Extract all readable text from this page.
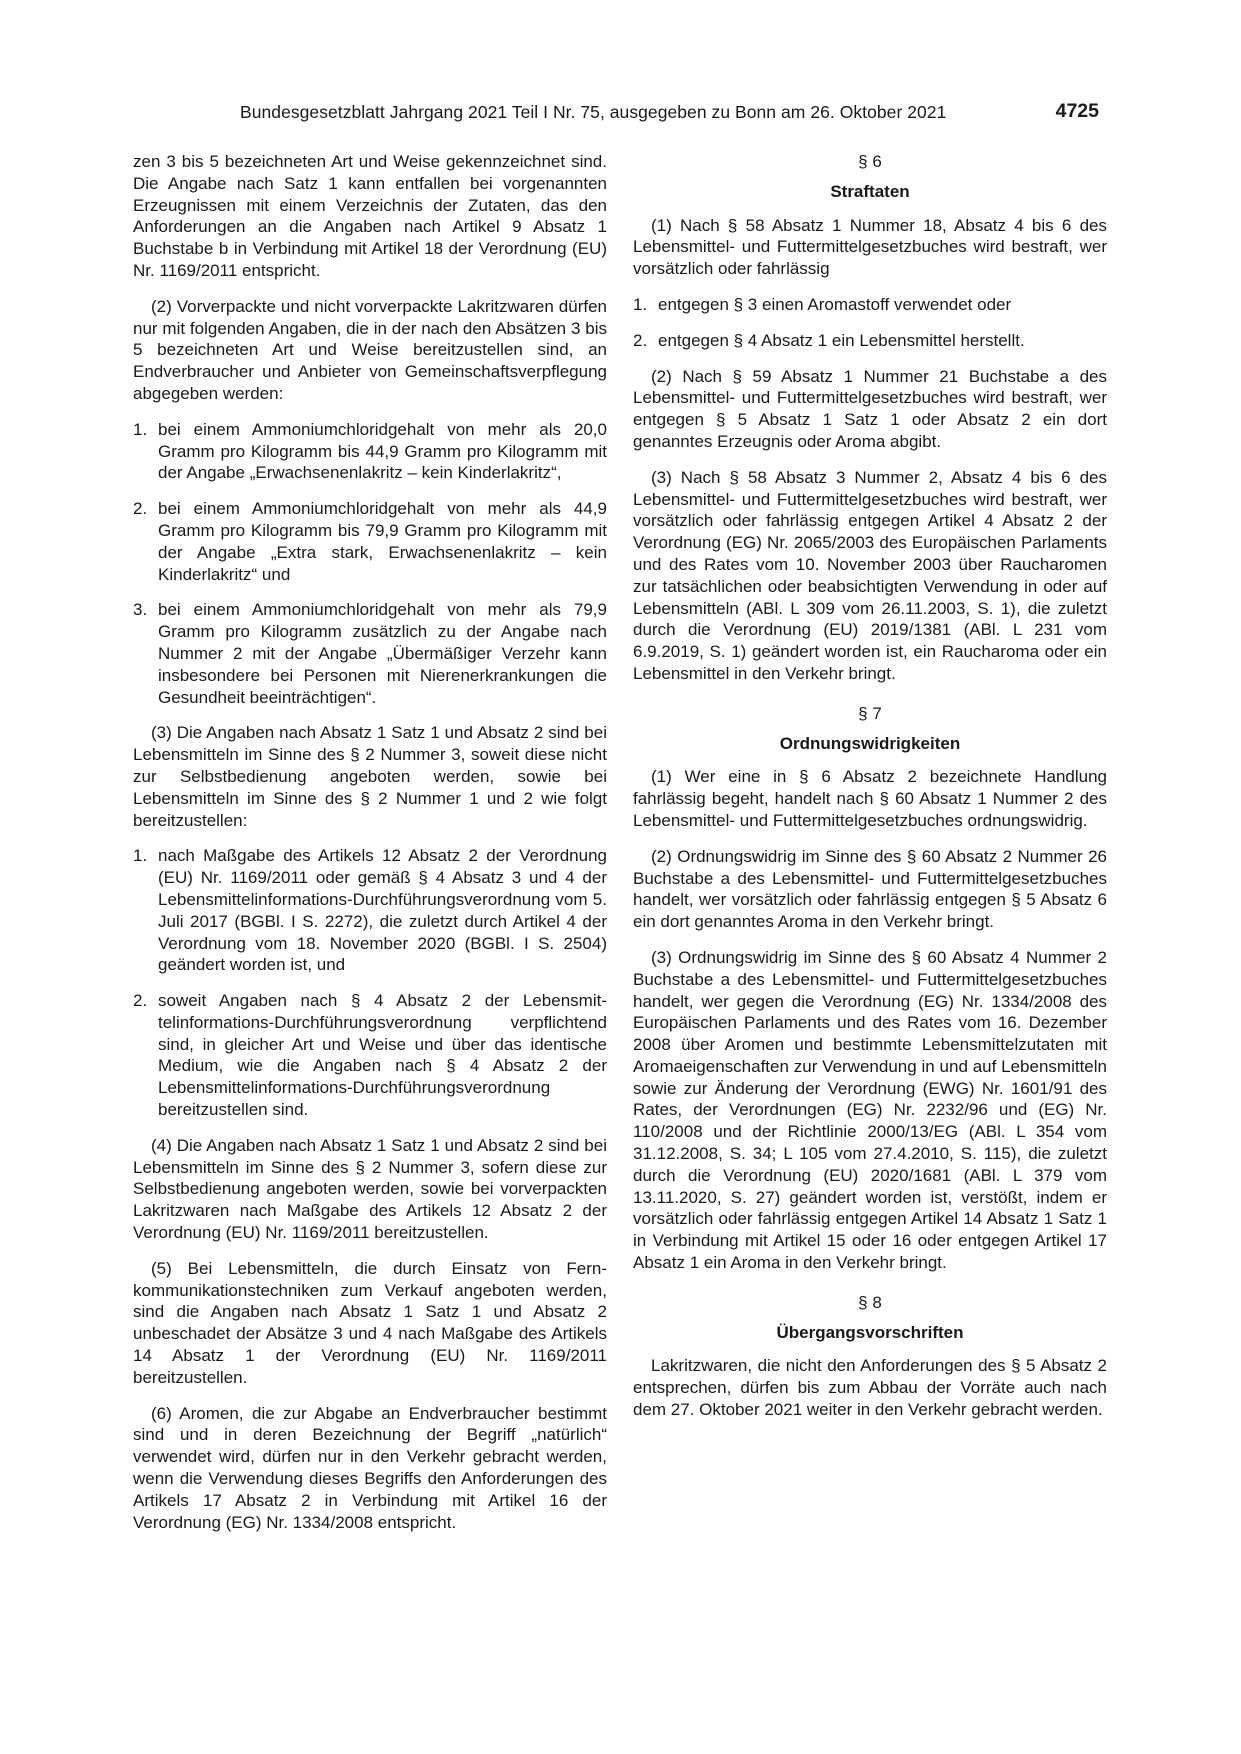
Bundesgesetzblatt Jahrgang 2021 Teil I Nr. 75, ausgegeben zu Bonn am 26. Oktober 2021	4725

zen 3 bis 5 bezeichneten Art und Weise gekennzeichnet sind. Die Angabe nach Satz 1 kann entfallen bei vorgenannten Erzeugnissen mit einem Verzeichnis der Zutaten, das den Anforderungen an die Angaben nach Artikel 9 Absatz 1 Buchstabe b in Verbindung mit Artikel 18 der Verordnung (EU) Nr. 1169/2011 entspricht.

(2) Vorverpackte und nicht vorverpackte Lakritzwaren dürfen nur mit folgenden Angaben, die in der nach den Absätzen 3 bis 5 bezeichneten Art und Weise bereitzustellen sind, an Endverbraucher und Anbieter von Gemeinschaftsverpflegung abgegeben werden:

1. bei einem Ammoniumchloridgehalt von mehr als 20,0 Gramm pro Kilogramm bis 44,9 Gramm pro Kilogramm mit der Angabe „Erwachsenenlakritz – kein Kinderlakritz“,
2. bei einem Ammoniumchloridgehalt von mehr als 44,9 Gramm pro Kilogramm bis 79,9 Gramm pro Kilogramm mit der Angabe „Extra stark, Erwachsenenlakritz – kein Kinderlakritz“ und
3. bei einem Ammoniumchloridgehalt von mehr als 79,9 Gramm pro Kilogramm zusätzlich zu der Angabe nach Nummer 2 mit der Angabe „Übermäßiger Verzehr kann insbesondere bei Personen mit Nierenerkrankungen die Gesundheit beeinträchtigen“.

(3) Die Angaben nach Absatz 1 Satz 1 und Absatz 2 sind bei Lebensmitteln im Sinne des § 2 Nummer 3, soweit diese nicht zur Selbstbedienung angeboten werden, sowie bei Lebensmitteln im Sinne des § 2 Nummer 1 und 2 wie folgt bereitzustellen:

1. nach Maßgabe des Artikels 12 Absatz 2 der Verordnung (EU) Nr. 1169/2011 oder gemäß § 4 Absatz 3 und 4 der Lebensmittelinformations-Durchführungsverordnung vom 5. Juli 2017 (BGBl. I S. 2272), die zuletzt durch Artikel 4 der Verordnung vom 18. November 2020 (BGBl. I S. 2504) geändert worden ist, und
2. soweit Angaben nach § 4 Absatz 2 der Lebensmittelinformations-Durchführungsverordnung verpflichtend sind, in gleicher Art und Weise und über das identische Medium, wie die Angaben nach § 4 Absatz 2 der Lebensmittelinformations-Durchführungsverordnung bereitzustellen sind.

(4) Die Angaben nach Absatz 1 Satz 1 und Absatz 2 sind bei Lebensmitteln im Sinne des § 2 Nummer 3, sofern diese zur Selbstbedienung angeboten werden, sowie bei vorverpackten Lakritzwaren nach Maßgabe des Artikels 12 Absatz 2 der Verordnung (EU) Nr. 1169/2011 bereitzustellen.

(5) Bei Lebensmitteln, die durch Einsatz von Fernkommunikationstechniken zum Verkauf angeboten werden, sind die Angaben nach Absatz 1 Satz 1 und Absatz 2 unbeschadet der Absätze 3 und 4 nach Maßgabe des Artikels 14 Absatz 1 der Verordnung (EU) Nr. 1169/2011 bereitzustellen.

(6) Aromen, die zur Abgabe an Endverbraucher bestimmt sind und in deren Bezeichnung der Begriff „natürlich“ verwendet wird, dürfen nur in den Verkehr gebracht werden, wenn die Verwendung dieses Begriffs den Anforderungen des Artikels 17 Absatz 2 in Verbindung mit Artikel 16 der Verordnung (EG) Nr. 1334/2008 entspricht.

§ 6
Straftaten

(1) Nach § 58 Absatz 1 Nummer 18, Absatz 4 bis 6 des Lebensmittel- und Futtermittelgesetzbuches wird bestraft, wer vorsätzlich oder fahrlässig

1. entgegen § 3 einen Aromastoff verwendet oder
2. entgegen § 4 Absatz 1 ein Lebensmittel herstellt.

(2) Nach § 59 Absatz 1 Nummer 21 Buchstabe a des Lebensmittel- und Futtermittelgesetzbuches wird bestraft, wer entgegen § 5 Absatz 1 Satz 1 oder Absatz 2 ein dort genanntes Erzeugnis oder Aroma abgibt.

(3) Nach § 58 Absatz 3 Nummer 2, Absatz 4 bis 6 des Lebensmittel- und Futtermittelgesetzbuches wird bestraft, wer vorsätzlich oder fahrlässig entgegen Artikel 4 Absatz 2 der Verordnung (EG) Nr. 2065/2003 des Europäischen Parlaments und des Rates vom 10. November 2003 über Raucharomen zur tatsächlichen oder beabsichtigten Verwendung in oder auf Lebensmitteln (ABl. L 309 vom 26.11.2003, S. 1), die zuletzt durch die Verordnung (EU) 2019/1381 (ABl. L 231 vom 6.9.2019, S. 1) geändert worden ist, ein Raucharoma oder ein Lebensmittel in den Verkehr bringt.

§ 7
Ordnungswidrigkeiten

(1) Wer eine in § 6 Absatz 2 bezeichnete Handlung fahrlässig begeht, handelt nach § 60 Absatz 1 Nummer 2 des Lebensmittel- und Futtermittelgesetzbuches ordnungswidrig.

(2) Ordnungswidrig im Sinne des § 60 Absatz 2 Nummer 26 Buchstabe a des Lebensmittel- und Futtermittelgesetzbuches handelt, wer vorsätzlich oder fahrlässig entgegen § 5 Absatz 6 ein dort genanntes Aroma in den Verkehr bringt.

(3) Ordnungswidrig im Sinne des § 60 Absatz 4 Nummer 2 Buchstabe a des Lebensmittel- und Futtermittelgesetzbuches handelt, wer gegen die Verordnung (EG) Nr. 1334/2008 des Europäischen Parlaments und des Rates vom 16. Dezember 2008 über Aromen und bestimmte Lebensmittelzutaten mit Aromaeigenschaften zur Verwendung in und auf Lebensmitteln sowie zur Änderung der Verordnung (EWG) Nr. 1601/91 des Rates, der Verordnungen (EG) Nr. 2232/96 und (EG) Nr. 110/2008 und der Richtlinie 2000/13/EG (ABl. L 354 vom 31.12.2008, S. 34; L 105 vom 27.4.2010, S. 115), die zuletzt durch die Verordnung (EU) 2020/1681 (ABl. L 379 vom 13.11.2020, S. 27) geändert worden ist, verstößt, indem er vorsätzlich oder fahrlässig entgegen Artikel 14 Absatz 1 Satz 1 in Verbindung mit Artikel 15 oder 16 oder entgegen Artikel 17 Absatz 1 ein Aroma in den Verkehr bringt.

§ 8
Übergangsvorschriften

Lakritzwaren, die nicht den Anforderungen des § 5 Absatz 2 entsprechen, dürfen bis zum Abbau der Vorräte auch nach dem 27. Oktober 2021 weiter in den Verkehr gebracht werden.
